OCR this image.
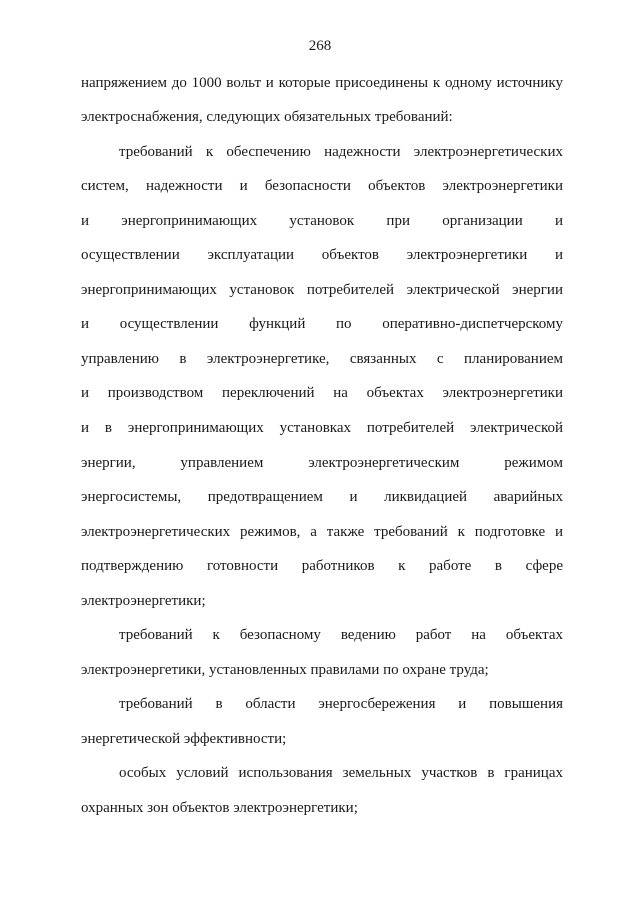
268
напряжением до 1000 вольт и которые присоединены к одному источнику
электроснабжения, следующих обязательных требований:
требований к обеспечению надежности электроэнергетических
систем, надежности и безопасности объектов электроэнергетики
и энергопринимающих установок при организации и
осуществлении эксплуатации объектов электроэнергетики и
энергопринимающих установок потребителей электрической энергии
и осуществлении функций по оперативно-диспетчерскому
управлению в электроэнергетике, связанных с планированием
и производством переключений на объектах электроэнергетики
и в энергопринимающих установках потребителей электрической
энергии, управлением электроэнергетическим режимом
энергосистемы, предотвращением и ликвидацией аварийных
электроэнергетических режимов, а также требований к подготовке и
подтверждению готовности работников к работе в сфере
электроэнергетики;
требований к безопасному ведению работ на объектах
электроэнергетики, установленных правилами по охране труда;
требований в области энергосбережения и повышения
энергетической эффективности;
особых условий использования земельных участков в границах
охранных зон объектов электроэнергетики;
